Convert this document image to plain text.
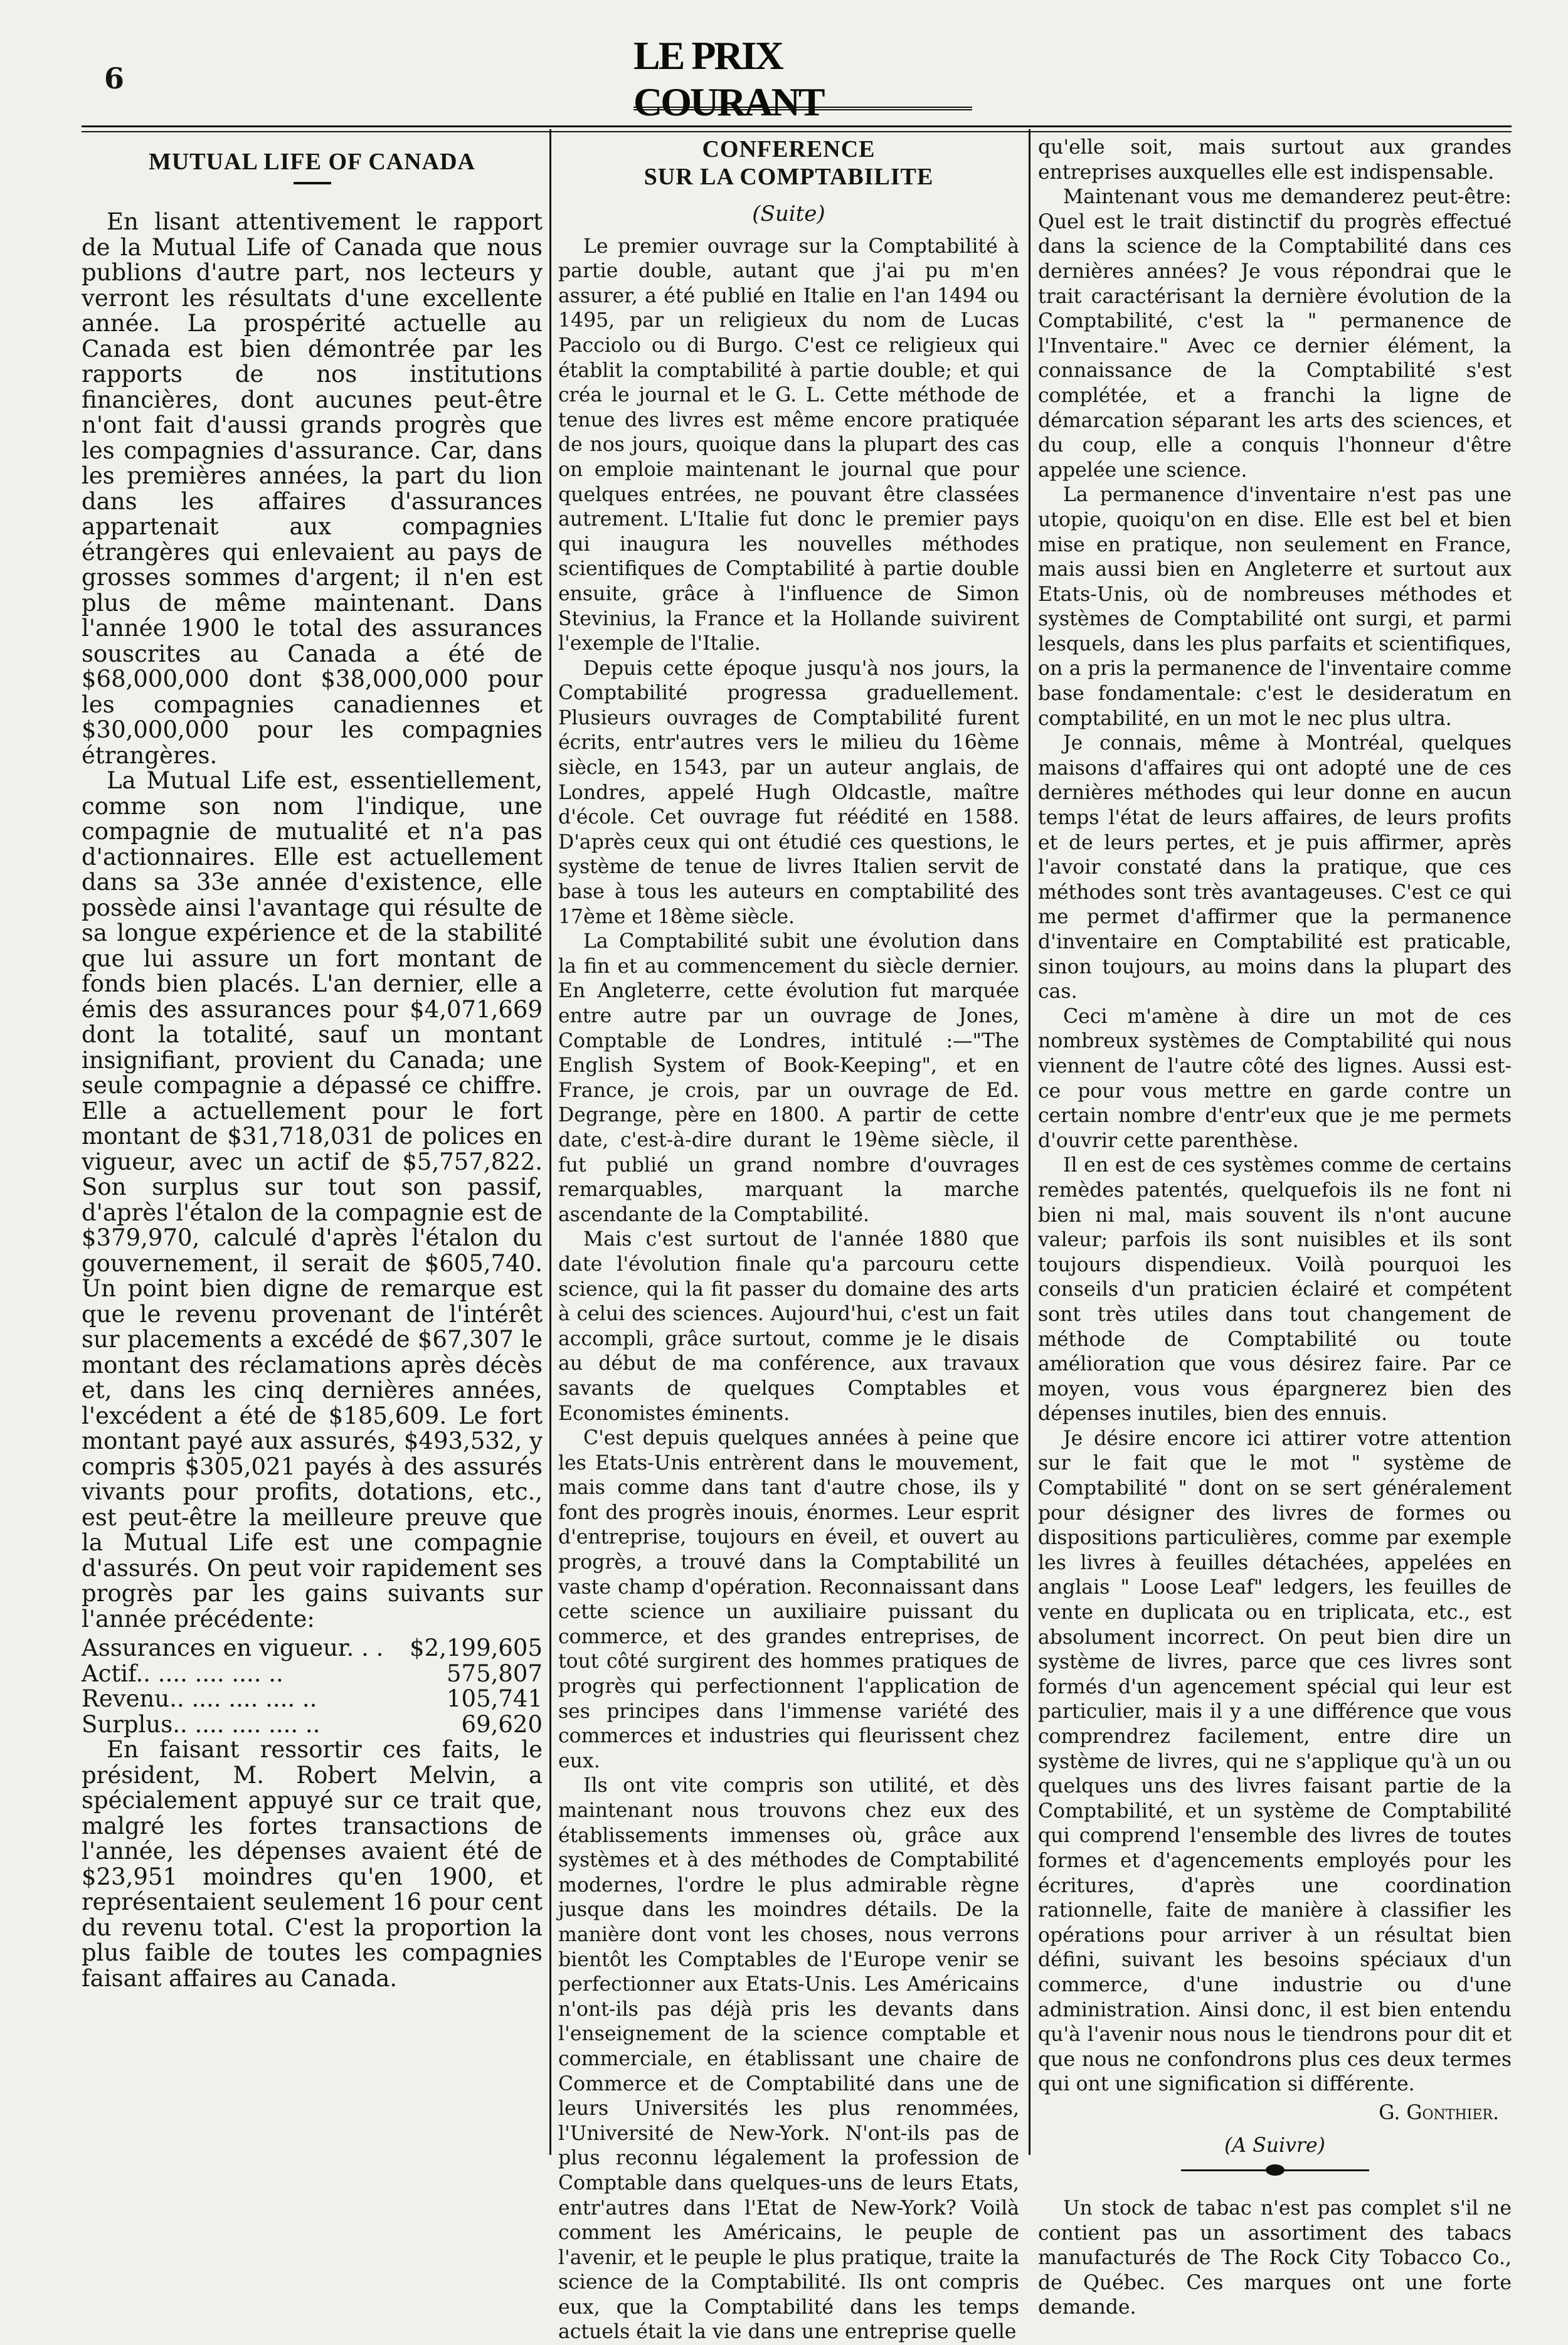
6
LE PRIX COURANT
MUTUAL LIFE OF CANADA

En lisant attentivement le rapport de la Mutual Life of Canada que nous publions d'autre part, nos lecteurs y verront les résultats d'une excellente année. La prospérité actuelle au Canada est bien démontrée par les rapports de nos institutions financières, dont aucunes peut-être n'ont fait d'aussi grands progrès que les compagnies d'assurance. Car, dans les premières années, la part du lion dans les affaires d'assurances appartenait aux compagnies étrangères qui enlevaient au pays de grosses sommes d'argent; il n'en est plus de même maintenant. Dans l'année 1900 le total des assurances souscrites au Canada a été de $68,000,000 dont $38,000,000 pour les compagnies canadiennes et $30,000,000 pour les compagnies étrangères.

La Mutual Life est, essentiellement, comme son nom l'indique, une compagnie de mutualité et n'a pas d'actionnaires. Elle est actuellement dans sa 33e année d'existence, elle possède ainsi l'avantage qui résulte de sa longue expérience et de la stabilité que lui assure un fort montant de fonds bien placés. L'an dernier, elle a émis des assurances pour $4,071,669 dont la totalité, sauf un montant insignifiant, provient du Canada; une seule compagnie a dépassé ce chiffre. Elle a actuellement pour le fort montant de $31,718,031 de polices en vigueur, avec un actif de $5,757,822. Son surplus sur tout son passif, d'après l'étalon de la compagnie est de $379,970, calculé d'après l'étalon du gouvernement, il serait de $605,740. Un point bien digne de remarque est que le revenu provenant de l'intérêt sur placements a excédé de $67,307 le montant des réclamations après décès et, dans les cinq dernières années, l'excédent a été de $185,609. Le fort montant payé aux assurés, $493,532, y compris $305,021 payés à des assurés vivants pour profits, dotations, etc., est peut-être la meilleure preuve que la Mutual Life est une compagnie d'assurés. On peut voir rapidement ses progrès par les gains suivants sur l'année précédente:

Assurances en vigueur. . . $2,199,605
Actif.. .... .... .... ..	575,807
Revenu.. .... .... .... ..	105,741
Surplus.. .... .... .... ..	69,620

En faisant ressortir ces faits, le président, M. Robert Melvin, a spécialement appuyé sur ce trait que, malgré les fortes transactions de l'année, les dépenses avaient été de $23,951 moindres qu'en 1900, et représentaient seulement 16 pour cent du revenu total. C'est la proportion la plus faible de toutes les compagnies faisant affaires au Canada.

CONFERENCE
SUR LA COMPTABILITE
(Suite)

Le premier ouvrage sur la Comptabilité à partie double, autant que j'ai pu m'en assurer, a été publié en Italie en l'an 1494 ou 1495, par un religieux du nom de Lucas Pacciolo ou di Burgo. C'est ce religieux qui établit la comptabilité à partie double; et qui créa le journal et le G. L. Cette méthode de tenue des livres est même encore pratiquée de nos jours, quoique dans la plupart des cas on emploie maintenant le journal que pour quelques entrées, ne pouvant être classées autrement. L'Italie fut donc le premier pays qui inaugura les nouvelles méthodes scientifiques de Comptabilité à partie double ensuite, grâce à l'influence de Simon Stevinius, la France et la Hollande suivirent l'exemple de l'Italie.

Depuis cette époque jusqu'à nos jours, la Comptabilité progressa graduellement. Plusieurs ouvrages de Comptabilité furent écrits, entr'autres vers le milieu du 16ème siècle, en 1543, par un auteur anglais, de Londres, appelé Hugh Oldcastle, maître d'école. Cet ouvrage fut réédité en 1588. D'après ceux qui ont étudié ces questions, le système de tenue de livres Italien servit de base à tous les auteurs en comptabilité des 17ème et 18ème siècle.

La Comptabilité subit une évolution dans la fin et au commencement du siècle dernier. En Angleterre, cette évolution fut marquée entre autre par un ouvrage de Jones, Comptable de Londres, intitulé :—"The English System of Book-Keeping", et en France, je crois, par un ouvrage de Ed. Degrange, père en 1800. A partir de cette date, c'est-à-dire durant le 19ème siècle, il fut publié un grand nombre d'ouvrages remarquables, marquant la marche ascendante de la Comptabilité.

Mais c'est surtout de l'année 1880 que date l'évolution finale qu'a parcouru cette science, qui la fit passer du domaine des arts à celui des sciences. Aujourd'hui, c'est un fait accompli, grâce surtout, comme je le disais au début de ma conférence, aux travaux savants de quelques Comptables et Economistes éminents.

C'est depuis quelques années à peine que les Etats-Unis entrèrent dans le mouvement, mais comme dans tant d'autre chose, ils y font des progrès inouis, énormes. Leur esprit d'entreprise, toujours en éveil, et ouvert au progrès, a trouvé dans la Comptabilité un vaste champ d'opération. Reconnaissant dans cette science un auxiliaire puissant du commerce, et des grandes entreprises, de tout côté surgirent des hommes pratiques de progrès qui perfectionnent l'application de ses principes dans l'immense variété des commerces et industries qui fleurissent chez eux.

Ils ont vite compris son utilité, et dès maintenant nous trouvons chez eux des établissements immenses où, grâce aux systèmes et à des méthodes de Comptabilité modernes, l'ordre le plus admirable règne jusque dans les moindres détails. De la manière dont vont les choses, nous verrons bientôt les Comptables de l'Europe venir se perfectionner aux Etats-Unis. Les Américains n'ont-ils pas déjà pris les devants dans l'enseignement de la science comptable et commerciale, en établissant une chaire de Commerce et de Comptabilité dans une de leurs Universités les plus renommées, l'Université de New-York. N'ont-ils pas de plus reconnu légalement la profession de Comptable dans quelques-uns de leurs Etats, entr'autres dans l'Etat de New-York? Voilà comment les Américains, le peuple de l'avenir, et le peuple le plus pratique, traite la science de la Comptabilité. Ils ont compris eux, que la Comptabilité dans les temps actuels était la vie dans une entreprise quelle

qu'elle soit, mais surtout aux grandes entreprises auxquelles elle est indispensable.

Maintenant vous me demanderez peut-être: Quel est le trait distinctif du progrès effectué dans la science de la Comptabilité dans ces dernières années? Je vous répondrai que le trait caractérisant la dernière évolution de la Comptabilité, c'est la " permanence de l'Inventaire." Avec ce dernier élément, la connaissance de la Comptabilité s'est complétée, et a franchi la ligne de démarcation séparant les arts des sciences, et du coup, elle a conquis l'honneur d'être appelée une science.

La permanence d'inventaire n'est pas une utopie, quoiqu'on en dise. Elle est bel et bien mise en pratique, non seulement en France, mais aussi bien en Angleterre et surtout aux Etats-Unis, où de nombreuses méthodes et systèmes de Comptabilité ont surgi, et parmi lesquels, dans les plus parfaits et scientifiques, on a pris la permanence de l'inventaire comme base fondamentale: c'est le desideratum en comptabilité, en un mot le nec plus ultra.

Je connais, même à Montréal, quelques maisons d'affaires qui ont adopté une de ces dernières méthodes qui leur donne en aucun temps l'état de leurs affaires, de leurs profits et de leurs pertes, et je puis affirmer, après l'avoir constaté dans la pratique, que ces méthodes sont très avantageuses. C'est ce qui me permet d'affirmer que la permanence d'inventaire en Comptabilité est praticable, sinon toujours, au moins dans la plupart des cas.

Ceci m'amène à dire un mot de ces nombreux systèmes de Comptabilité qui nous viennent de l'autre côté des lignes. Aussi est-ce pour vous mettre en garde contre un certain nombre d'entr'eux que je me permets d'ouvrir cette parenthèse.

Il en est de ces systèmes comme de certains remèdes patentés, quelquefois ils ne font ni bien ni mal, mais souvent ils n'ont aucune valeur; parfois ils sont nuisibles et ils sont toujours dispendieux. Voilà pourquoi les conseils d'un praticien éclairé et compétent sont très utiles dans tout changement de méthode de Comptabilité ou toute amélioration que vous désirez faire. Par ce moyen, vous vous épargnerez bien des dépenses inutiles, bien des ennuis.

Je désire encore ici attirer votre attention sur le fait que le mot " système de Comptabilité " dont on se sert généralement pour désigner des livres de formes ou dispositions particulières, comme par exemple les livres à feuilles détachées, appelées en anglais " Loose Leaf" ledgers, les feuilles de vente en duplicata ou en triplicata, etc., est absolument incorrect. On peut bien dire un système de livres, parce que ces livres sont formés d'un agencement spécial qui leur est particulier, mais il y a une différence que vous comprendrez facilement, entre dire un système de livres, qui ne s'applique qu'à un ou quelques uns des livres faisant partie de la Comptabilité, et un système de Comptabilité qui comprend l'ensemble des livres de toutes formes et d'agencements employés pour les écritures, d'après une coordination rationnelle, faite de manière à classifier les opérations pour arriver à un résultat bien défini, suivant les besoins spéciaux d'un commerce, d'une industrie ou d'une administration. Ainsi donc, il est bien entendu qu'à l'avenir nous nous le tiendrons pour dit et que nous ne confondrons plus ces deux termes qui ont une signification si différente.

G. Gonthier.
(A Suivre)

Un stock de tabac n'est pas complet s'il ne contient pas un assortiment des tabacs manufacturés de The Rock City Tobacco Co., de Québec. Ces marques ont une forte demande.
